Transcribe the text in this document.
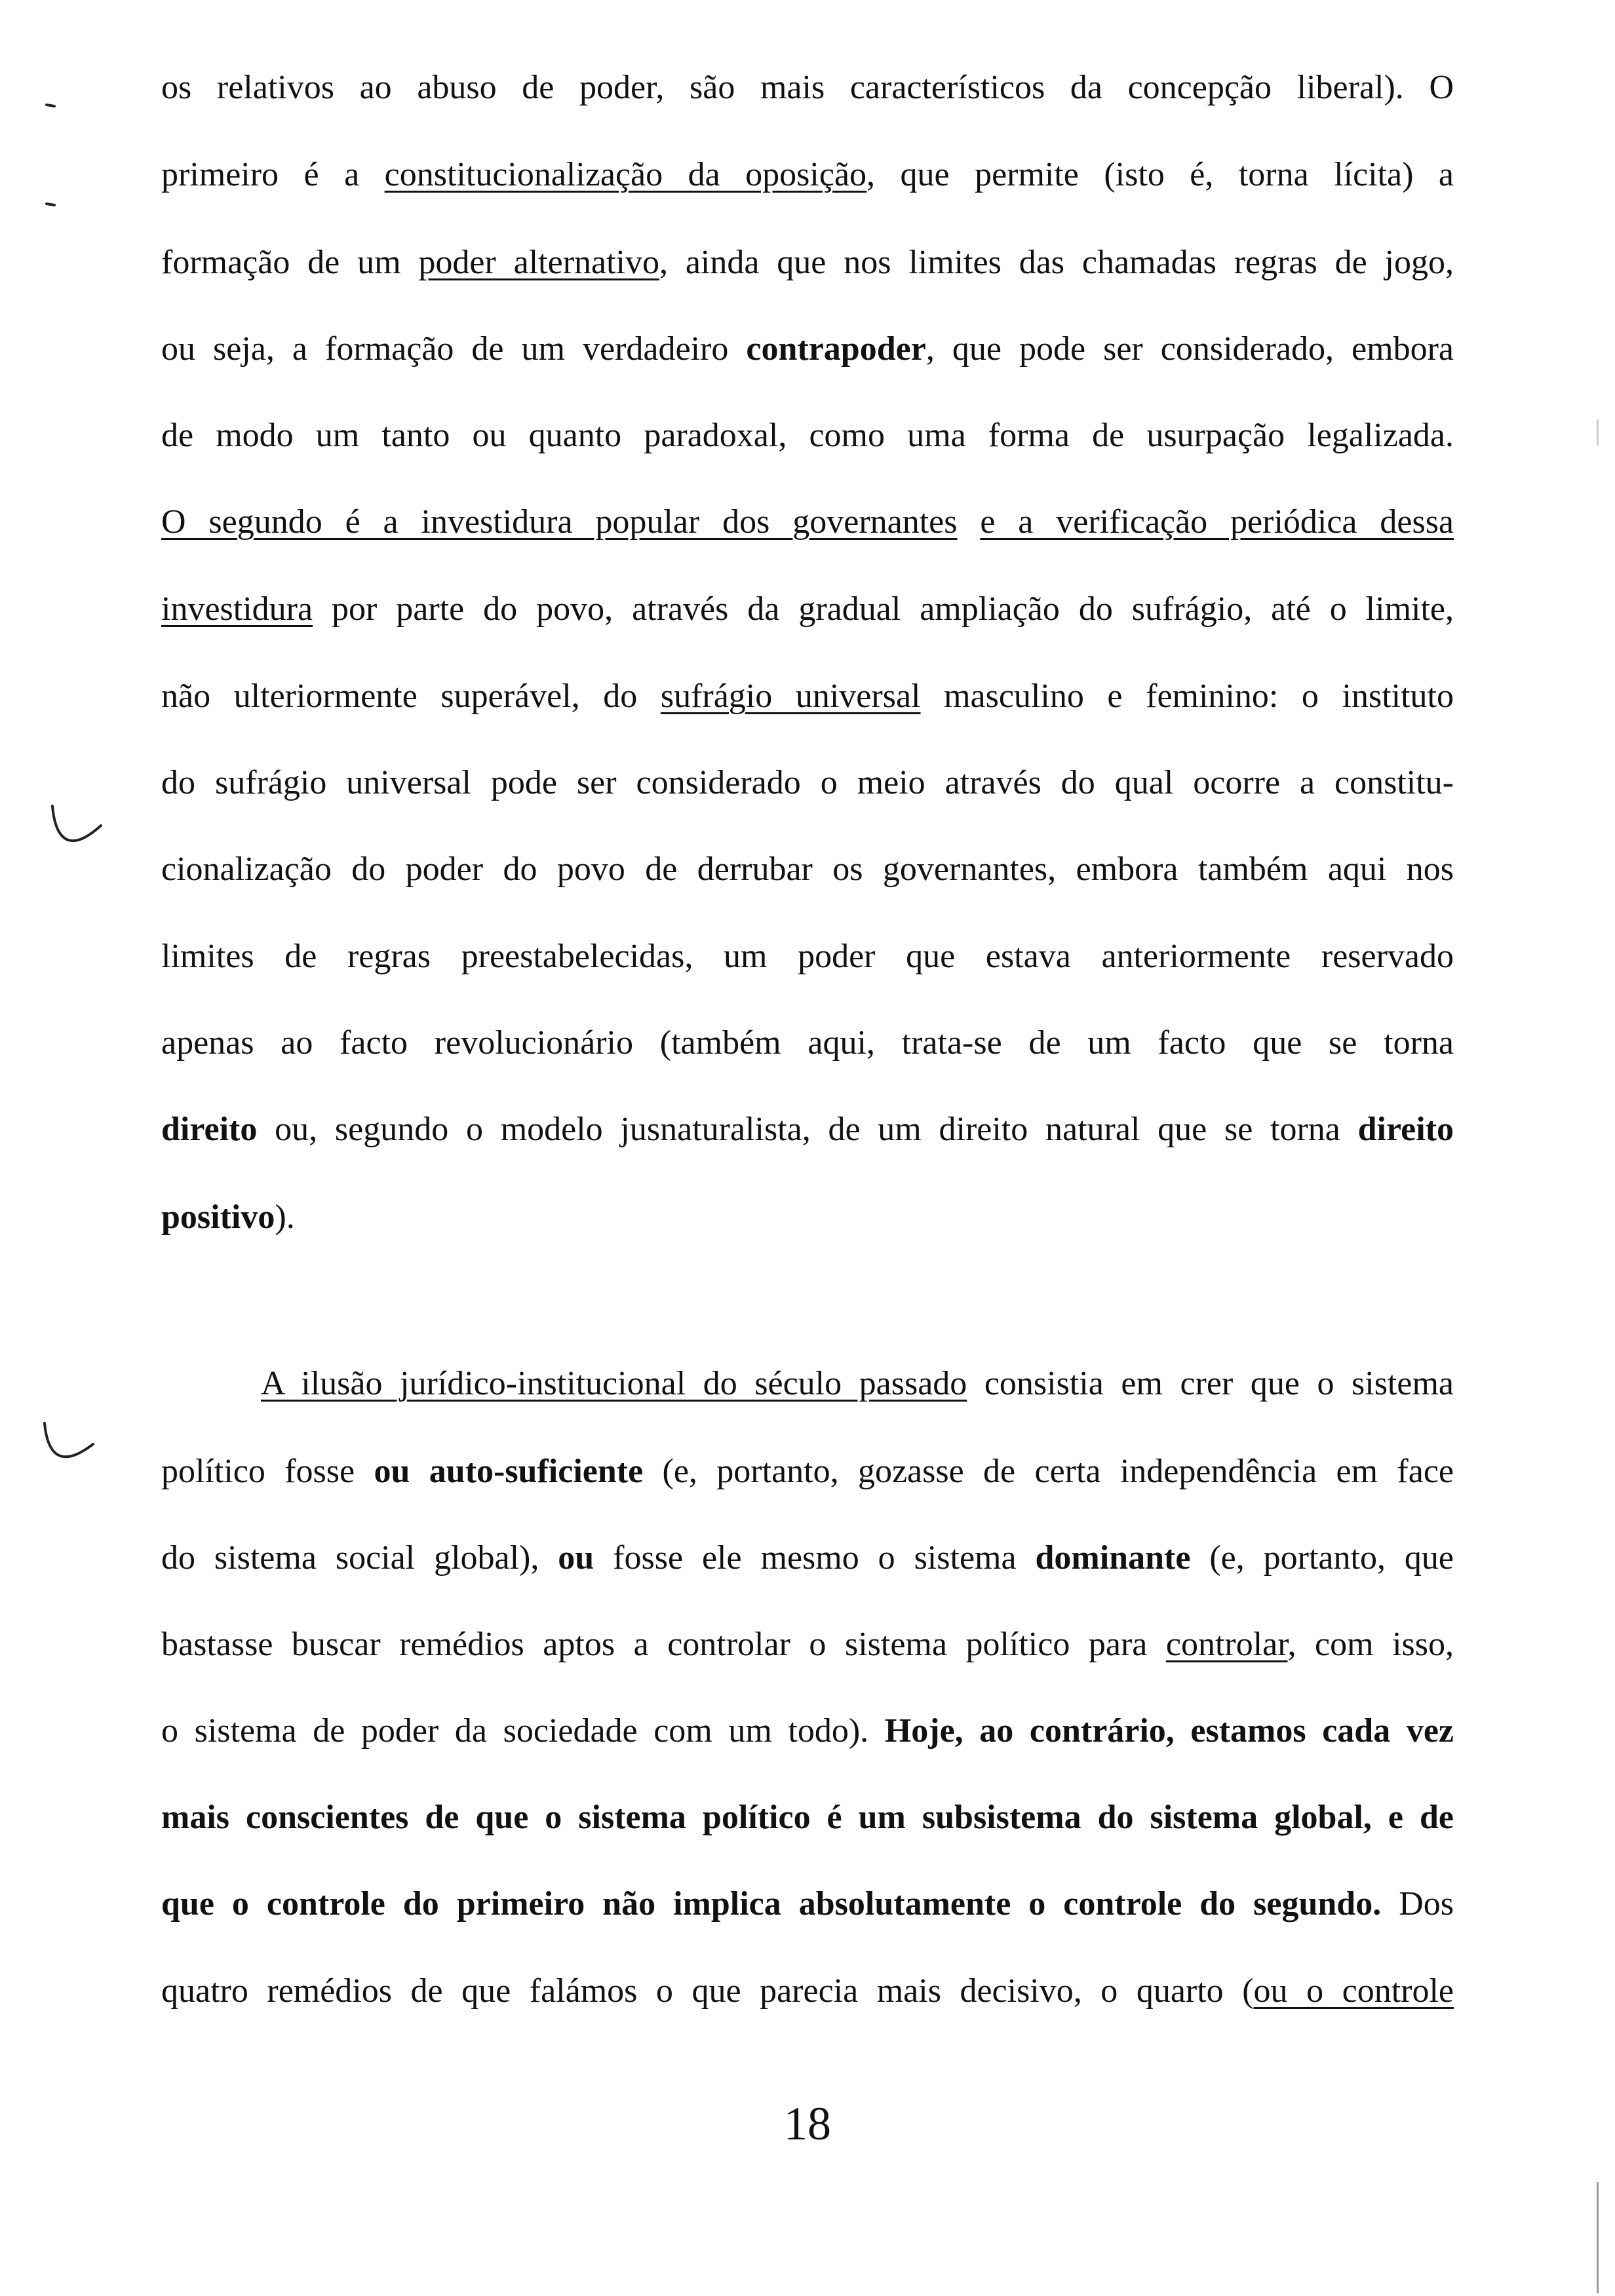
os relativos ao abuso de poder, são mais característicos da concepção liberal). O
primeiro é a constitucionalização da oposição, que permite (isto é, torna lícita) a
formação de um poder alternativo, ainda que nos limites das chamadas regras de jogo,
ou seja, a formação de um verdadeiro contrapoder, que pode ser considerado, embora
de modo um tanto ou quanto paradoxal, como uma forma de usurpação legalizada.
O segundo é a investidura popular dos governantes e a verificação periódica dessa
investidura por parte do povo, através da gradual ampliação do sufrágio, até o limite,
não ulteriormente superável, do sufrágio universal masculino e feminino: o instituto
do sufrágio universal pode ser considerado o meio através do qual ocorre a constitu-
cionalização do poder do povo de derrubar os governantes, embora também aqui nos
limites de regras preestabelecidas, um poder que estava anteriormente reservado
apenas ao facto revolucionário (também aqui, trata-se de um facto que se torna
direito ou, segundo o modelo jusnaturalista, de um direito natural que se torna direito
positivo).
A ilusão jurídico-institucional do século passado consistia em crer que o sistema
político fosse ou auto-suficiente (e, portanto, gozasse de certa independência em face
do sistema social global), ou fosse ele mesmo o sistema dominante (e, portanto, que
bastasse buscar remédios aptos a controlar o sistema político para controlar, com isso,
o sistema de poder da sociedade com um todo). Hoje, ao contrário, estamos cada vez
mais conscientes de que o sistema político é um subsistema do sistema global, e de
que o controle do primeiro não implica absolutamente o controle do segundo. Dos
quatro remédios de que falámos o que parecia mais decisivo, o quarto (ou o controle
18
